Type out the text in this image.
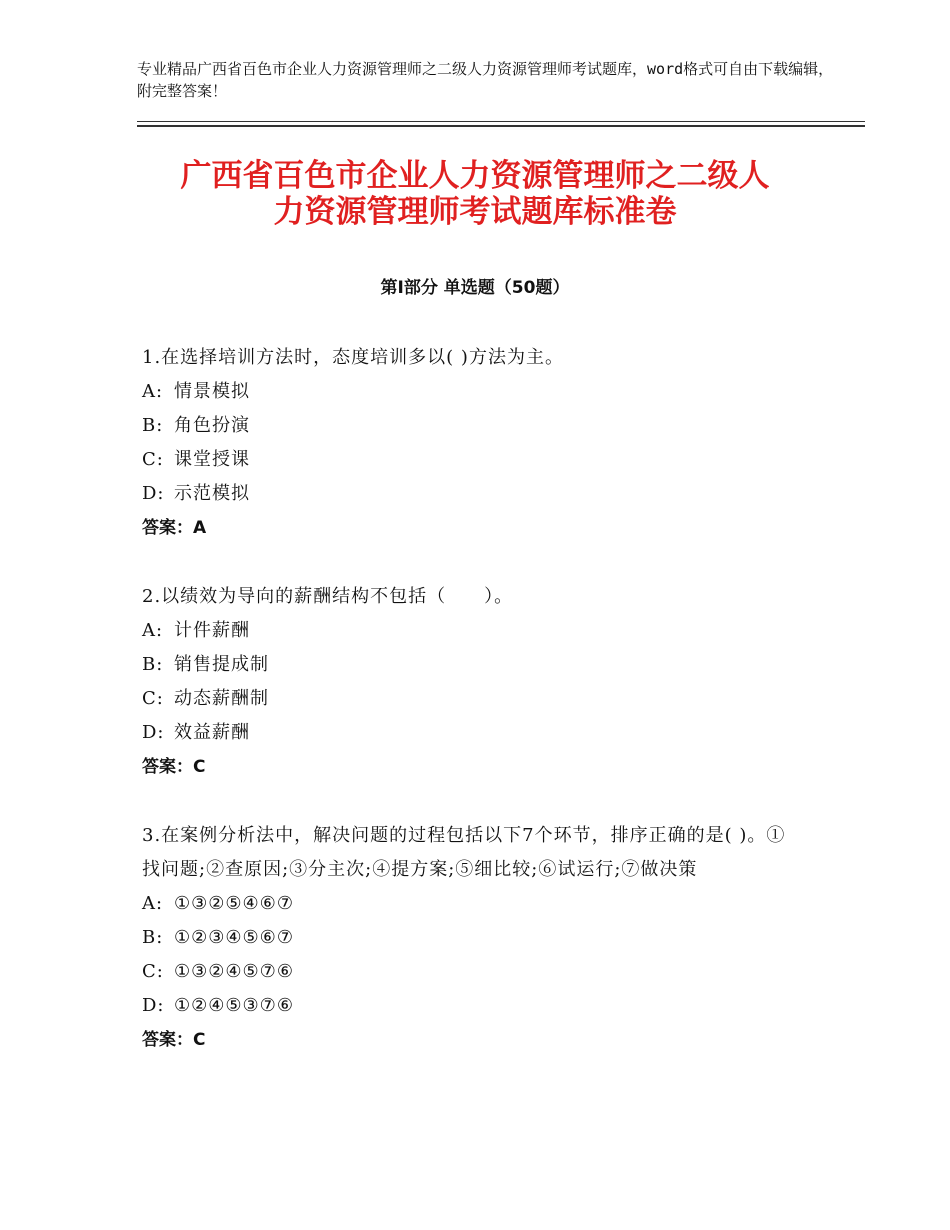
专业精品广西省百色市企业人力资源管理师之二级人力资源管理师考试题库，word格式可自由下载编辑，附完整答案！
广西省百色市企业人力资源管理师之二级人
力资源管理师考试题库标准卷
第Ⅰ部分 单选题（50题）

1.在选择培训方法时，态度培训多以( )方法为主。

A: 情景模拟
B: 角色扮演
C: 课堂授课
D: 示范模拟
答案：A

2.以绩效为导向的薪酬结构不包括（　　）。

A: 计件薪酬
B: 销售提成制
C: 动态薪酬制
D: 效益薪酬
答案：C

3.在案例分析法中，解决问题的过程包括以下7个环节，排序正确的是( )。①找问题;②查原因;③分主次;④提方案;⑤细比较;⑥试运行;⑦做决策

A: ①③②⑤④⑥⑦
B: ①②③④⑤⑥⑦
C: ①③②④⑤⑦⑥
D: ①②④⑤③⑦⑥
答案：C
